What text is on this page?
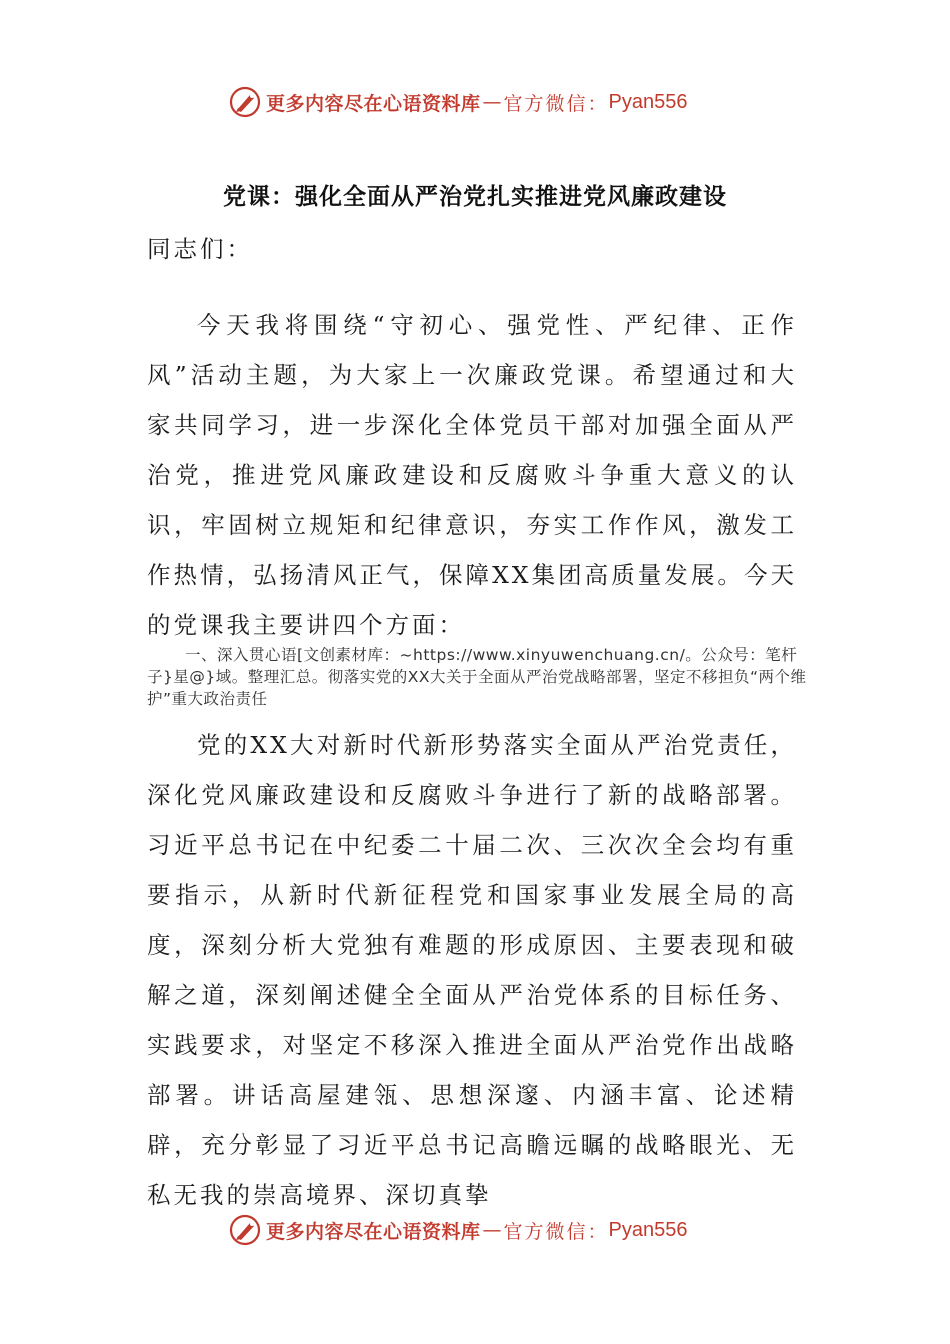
更多内容尽在心语资料库 — 官方微信： Pyan556
党课：强化全面从严治党扎实推进党风廉政建设
同志们：

今天我将围绕“守初心、强党性、严纪律、正作风”活动主题，为大家上一次廉政党课。希望通过和大家共同学习，进一步深化全体党员干部对加强全面从严治党，推进党风廉政建设和反腐败斗争重大意义的认识，牢固树立规矩和纪律意识，夯实工作作风，激发工作热情，弘扬清风正气，保障XX集团高质量发展。今天的党课我主要讲四个方面：

一、深入贯心语[文创素材库：~https://www.xinyuwenchuang.cn/。公众号：笔杆子}星@}域。整理汇总。彻落实党的XX大关于全面从严治党战略部署，坚定不移担负“两个维护”重大政治责任

党的XX大对新时代新形势落实全面从严治党责任，深化党风廉政建设和反腐败斗争进行了新的战略部署。习近平总书记在中纪委二十届二次、三次次全会均有重要指示，从新时代新征程党和国家事业发展全局的高度，深刻分析大党独有难题的形成原因、主要表现和破解之道，深刻阐述健全全面从严治党体系的目标任务、实践要求，对坚定不移深入推进全面从严治党作出战略部署。讲话高屋建瓴、思想深邃、内涵丰富、论述精辟，充分彰显了习近平总书记高瞻远瞩的战略眼光、无私无我的崇高境界、深切真挚

更多内容尽在心语资料库 — 官方微信： Pyan556
